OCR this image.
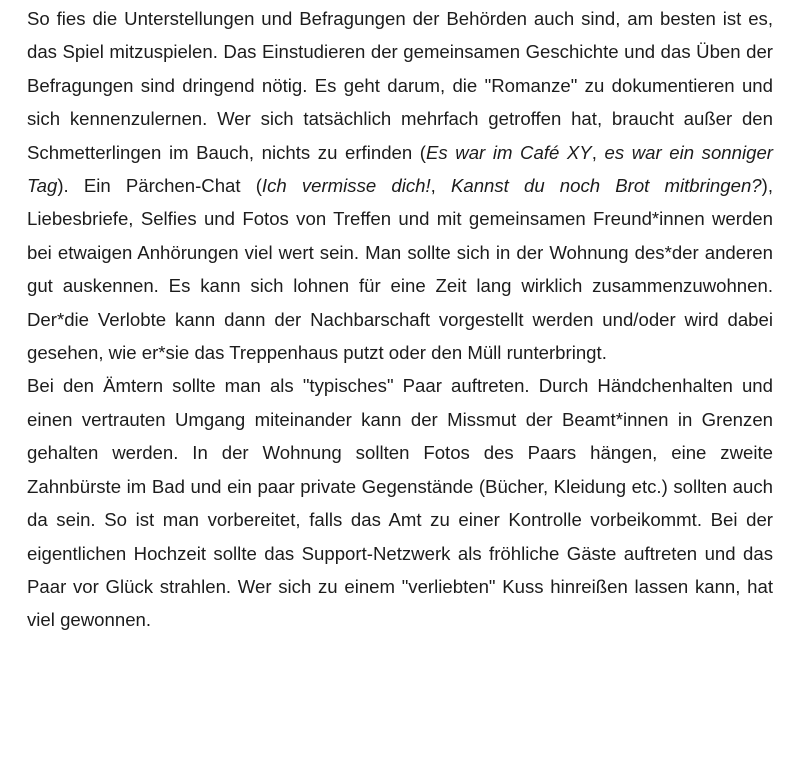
So fies die Unterstellungen und Befragungen der Behörden auch sind, am besten ist es, das Spiel mitzuspielen. Das Einstudieren der gemeinsamen Geschichte und das Üben der Befragungen sind dringend nötig. Es geht darum, die "Romanze" zu dokumentieren und sich kennenzulernen. Wer sich tatsächlich mehrfach getroffen hat, braucht außer den Schmetterlingen im Bauch, nichts zu erfinden (Es war im Café XY, es war ein sonniger Tag). Ein Pärchen-Chat (Ich vermisse dich!, Kannst du noch Brot mitbringen?), Liebesbriefe, Selfies und Fotos von Treffen und mit gemeinsamen Freund*innen werden bei etwaigen Anhörungen viel wert sein. Man sollte sich in der Wohnung des*der anderen gut auskennen. Es kann sich lohnen für eine Zeit lang wirklich zusammenzuwohnen. Der*die Verlobte kann dann der Nachbarschaft vorgestellt werden und/oder wird dabei gesehen, wie er*sie das Treppenhaus putzt oder den Müll runterbringt.

Bei den Ämtern sollte man als "typisches" Paar auftreten. Durch Händchenhalten und einen vertrauten Umgang miteinander kann der Missmut der Beamt*innen in Grenzen gehalten werden. In der Wohnung sollten Fotos des Paars hängen, eine zweite Zahnbürste im Bad und ein paar private Gegenstände (Bücher, Kleidung etc.) sollten auch da sein. So ist man vorbereitet, falls das Amt zu einer Kontrolle vorbeikommt. Bei der eigentlichen Hochzeit sollte das Support-Netzwerk als fröhliche Gäste auftreten und das Paar vor Glück strahlen. Wer sich zu einem "verliebten" Kuss hinreißen lassen kann, hat viel gewonnen.
